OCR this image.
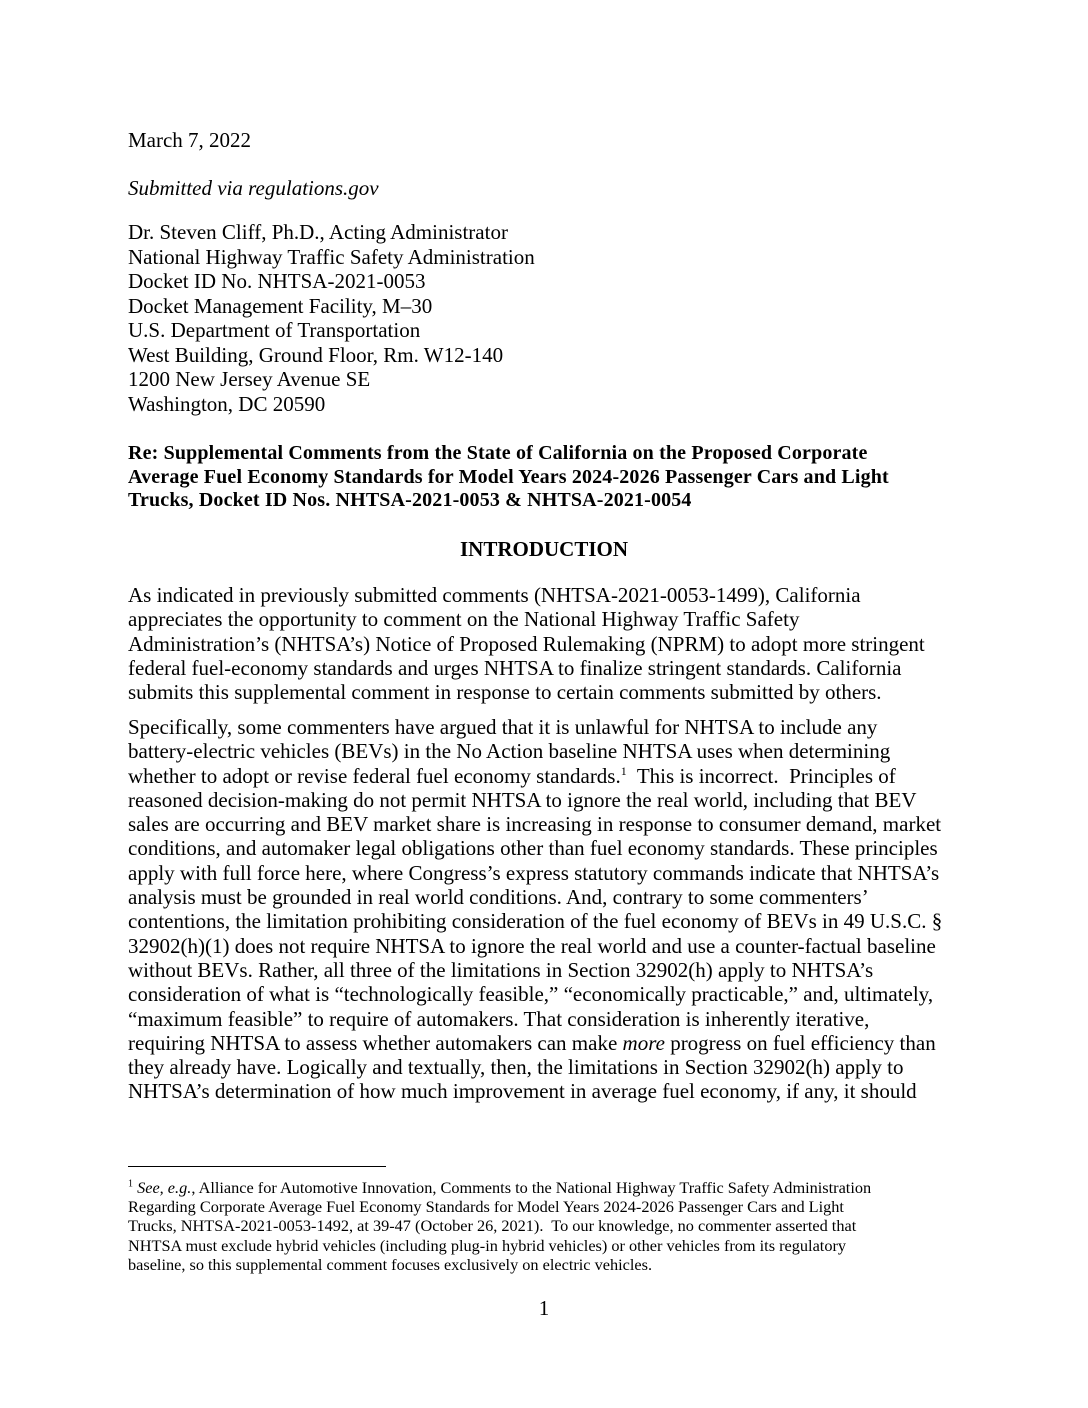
March 7, 2022
Submitted via regulations.gov
Dr. Steven Cliff, Ph.D., Acting Administrator
National Highway Traffic Safety Administration
Docket ID No. NHTSA-2021-0053
Docket Management Facility, M–30
U.S. Department of Transportation
West Building, Ground Floor, Rm. W12-140
1200 New Jersey Avenue SE
Washington, DC 20590
Re: Supplemental Comments from the State of California on the Proposed Corporate
Average Fuel Economy Standards for Model Years 2024-2026 Passenger Cars and Light
Trucks, Docket ID Nos. NHTSA-2021-0053 & NHTSA-2021-0054
INTRODUCTION
As indicated in previously submitted comments (NHTSA-2021-0053-1499), California
appreciates the opportunity to comment on the National Highway Traffic Safety
Administration’s (NHTSA’s) Notice of Proposed Rulemaking (NPRM) to adopt more stringent
federal fuel-economy standards and urges NHTSA to finalize stringent standards. California
submits this supplemental comment in response to certain comments submitted by others.
Specifically, some commenters have argued that it is unlawful for NHTSA to include any
battery-electric vehicles (BEVs) in the No Action baseline NHTSA uses when determining
whether to adopt or revise federal fuel economy standards.$^1$  This is incorrect.  Principles of
reasoned decision-making do not permit NHTSA to ignore the real world, including that BEV
sales are occurring and BEV market share is increasing in response to consumer demand, market
conditions, and automaker legal obligations other than fuel economy standards. These principles
apply with full force here, where Congress’s express statutory commands indicate that NHTSA’s
analysis must be grounded in real world conditions. And, contrary to some commenters’
contentions, the limitation prohibiting consideration of the fuel economy of BEVs in 49 U.S.C. §
32902(h)(1) does not require NHTSA to ignore the real world and use a counter-factual baseline
without BEVs. Rather, all three of the limitations in Section 32902(h) apply to NHTSA’s
consideration of what is “technologically feasible,” “economically practicable,” and, ultimately,
“maximum feasible” to require of automakers. That consideration is inherently iterative,
requiring NHTSA to assess whether automakers can make more progress on fuel efficiency than
they already have. Logically and textually, then, the limitations in Section 32902(h) apply to
NHTSA’s determination of how much improvement in average fuel economy, if any, it should
$^1$ See, e.g., Alliance for Automotive Innovation, Comments to the National Highway Traffic Safety Administration
Regarding Corporate Average Fuel Economy Standards for Model Years 2024-2026 Passenger Cars and Light
Trucks, NHTSA-2021-0053-1492, at 39-47 (October 26, 2021).  To our knowledge, no commenter asserted that
NHTSA must exclude hybrid vehicles (including plug-in hybrid vehicles) or other vehicles from its regulatory
baseline, so this supplemental comment focuses exclusively on electric vehicles.
1
